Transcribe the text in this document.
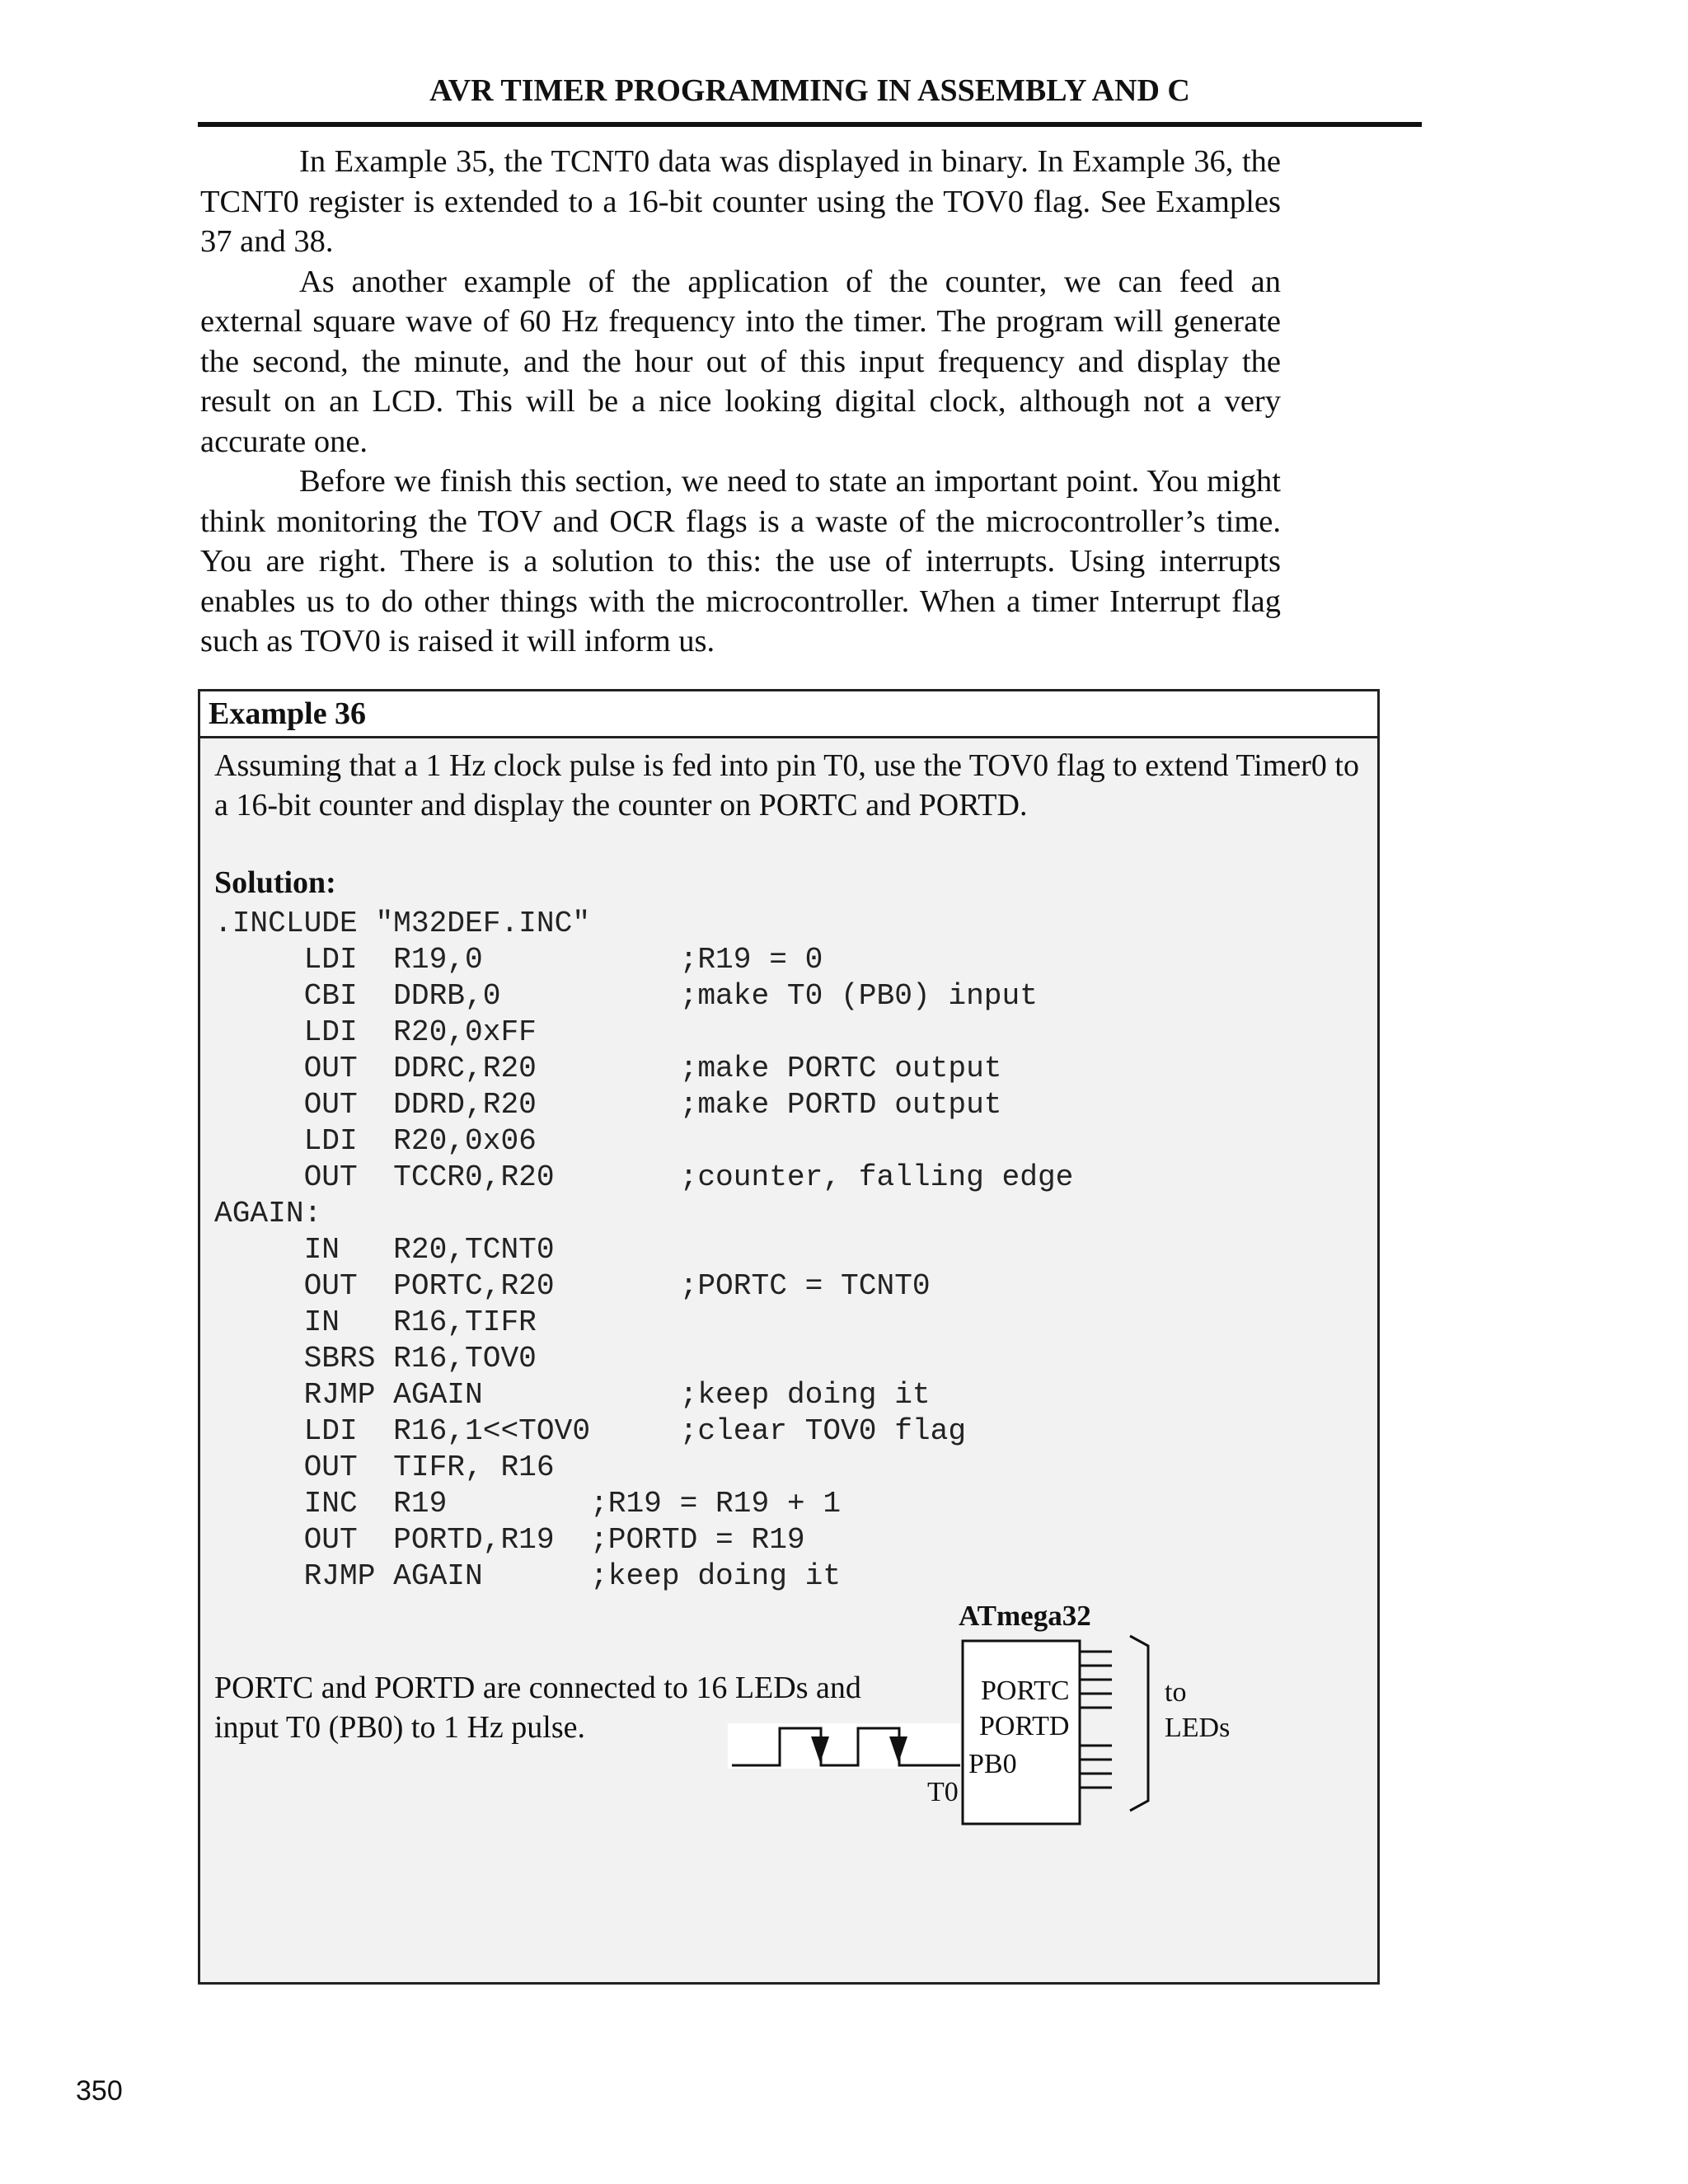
AVR TIMER PROGRAMMING IN ASSEMBLY AND C

In Example 35, the TCNT0 data was displayed in binary. In Example 36, the TCNT0 register is extended to a 16-bit counter using the TOV0 flag. See Examples 37 and 38.

As another example of the application of the counter, we can feed an external square wave of 60 Hz frequency into the timer. The program will generate the second, the minute, and the hour out of this input frequency and display the result on an LCD. This will be a nice looking digital clock, although not a very accurate one.

Before we finish this section, we need to state an important point. You might think monitoring the TOV and OCR flags is a waste of the microcontroller’s time. You are right. There is a solution to this: the use of interrupts. Using interrupts enables us to do other things with the microcontroller. When a timer Interrupt flag such as TOV0 is raised it will inform us.

Example 36
Assuming that a 1 Hz clock pulse is fed into pin T0, use the TOV0 flag to extend Timer0 to a 16-bit counter and display the counter on PORTC and PORTD.
Solution:
.INCLUDE "M32DEF.INC"
LDI  R19,0           ;R19 = 0
CBI  DDRB,0          ;make T0 (PB0) input
LDI  R20,0xFF
OUT  DDRC,R20        ;make PORTC output
OUT  DDRD,R20        ;make PORTD output
LDI  R20,0x06
OUT  TCCR0,R20       ;counter, falling edge
AGAIN:
IN   R20,TCNT0
OUT  PORTC,R20       ;PORTC = TCNT0
IN   R16,TIFR
SBRS R16,TOV0
RJMP AGAIN           ;keep doing it
LDI  R16,1<<TOV0     ;clear TOV0 flag
OUT  TIFR, R16
INC  R19        ;R19 = R19 + 1
OUT  PORTD,R19  ;PORTD = R19
RJMP AGAIN      ;keep doing it
PORTC and PORTD are connected to 16 LEDs and input T0 (PB0) to 1 Hz pulse.
ATmega32
PORTC
PORTD
PB0
to
LEDs
T0
350
